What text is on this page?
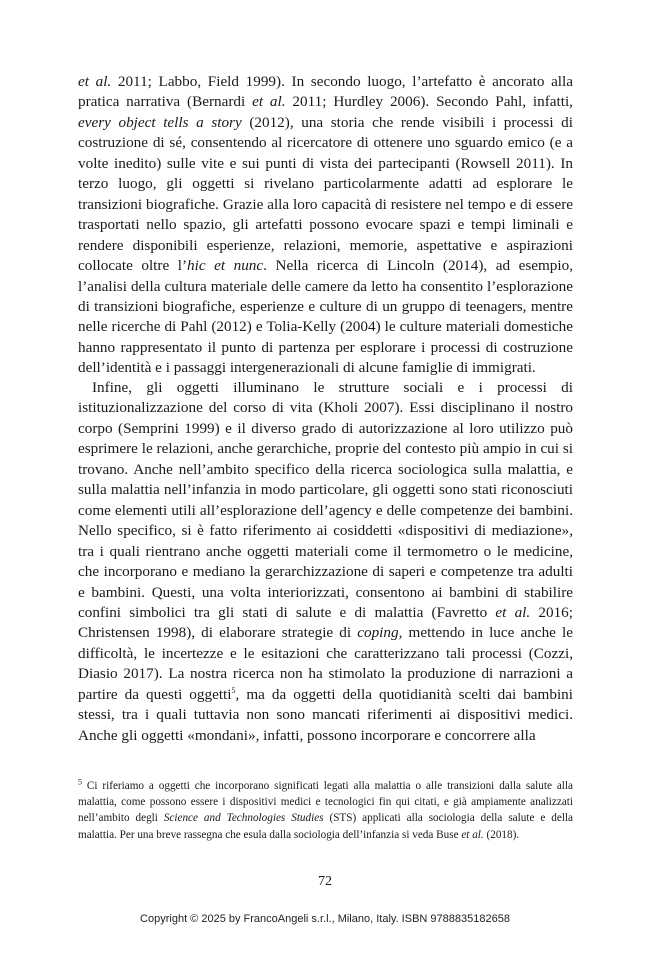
et al. 2011; Labbo, Field 1999). In secondo luogo, l’artefatto è ancorato alla pratica narrativa (Bernardi et al. 2011; Hurdley 2006). Secondo Pahl, infatti, every object tells a story (2012), una storia che rende visibili i processi di costruzione di sé, consentendo al ricercatore di ottenere uno sguardo emico (e a volte inedito) sulle vite e sui punti di vista dei partecipanti (Rowsell 2011). In terzo luogo, gli oggetti si rivelano particolarmente adatti ad esplorare le transizioni biografiche. Grazie alla loro capacità di resistere nel tempo e di essere trasportati nello spazio, gli artefatti possono evocare spazi e tempi liminali e rendere disponibili esperienze, relazioni, memorie, aspettative e aspirazioni collocate oltre l’hic et nunc. Nella ricerca di Lincoln (2014), ad esempio, l’analisi della cultura materiale delle camere da letto ha consentito l’esplorazione di transizioni biografiche, esperienze e culture di un gruppo di teenagers, mentre nelle ricerche di Pahl (2012) e Tolia-Kelly (2004) le culture materiali domestiche hanno rappresentato il punto di partenza per esplorare i processi di costruzione dell’identità e i passaggi intergenerazionali di alcune famiglie di immigrati.

Infine, gli oggetti illuminano le strutture sociali e i processi di istituzionalizzazione del corso di vita (Kholi 2007). Essi disciplinano il nostro corpo (Semprini 1999) e il diverso grado di autorizzazione al loro utilizzo può esprimere le relazioni, anche gerarchiche, proprie del contesto più ampio in cui si trovano. Anche nell’ambito specifico della ricerca sociologica sulla malattia, e sulla malattia nell’infanzia in modo particolare, gli oggetti sono stati riconosciuti come elementi utili all’esplorazione dell’agency e delle competenze dei bambini. Nello specifico, si è fatto riferimento ai cosiddetti «dispositivi di mediazione», tra i quali rientrano anche oggetti materiali come il termometro o le medicine, che incorporano e mediano la gerarchizzazione di saperi e competenze tra adulti e bambini. Questi, una volta interiorizzati, consentono ai bambini di stabilire confini simbolici tra gli stati di salute e di malattia (Favretto et al. 2016; Christensen 1998), di elaborare strategie di coping, mettendo in luce anche le difficoltà, le incertezze e le esitazioni che caratterizzano tali processi (Cozzi, Diasio 2017). La nostra ricerca non ha stimolato la produzione di narrazioni a partire da questi oggetti$^5$, ma da oggetti della quotidianità scelti dai bambini stessi, tra i quali tuttavia non sono mancati riferimenti ai dispositivi medici. Anche gli oggetti «mondani», infatti, possono incorporare e concorrere alla

$^5$ Ci riferiamo a oggetti che incorporano significati legati alla malattia o alle transizioni dalla salute alla malattia, come possono essere i dispositivi medici e tecnologici fin qui citati, e già ampiamente analizzati nell’ambito degli Science and Technologies Studies (STS) applicati alla sociologia della salute e della malattia. Per una breve rassegna che esula dalla sociologia dell’infanzia si veda Buse et al. (2018).

72
Copyright © 2025 by FrancoAngeli s.r.l., Milano, Italy. ISBN 9788835182658
